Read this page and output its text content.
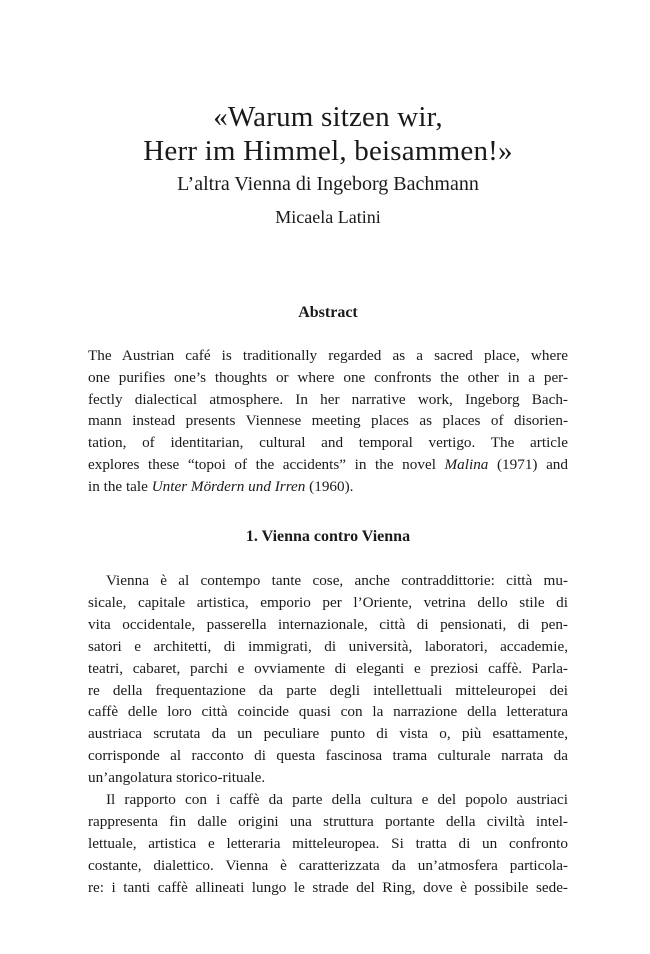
«Warum sitzen wir,
Herr im Himmel, beisammen!»
L’altra Vienna di Ingeborg Bachmann
Micaela Latini
Abstract
The Austrian café is traditionally regarded as a sacred place, where
one purifies one’s thoughts or where one confronts the other in a per-
fectly dialectical atmosphere. In her narrative work, Ingeborg Bach-
mann instead presents Viennese meeting places as places of disorien-
tation, of identitarian, cultural and temporal vertigo. The article
explores these “topoi of the accidents” in the novel Malina (1971) and
in the tale Unter Mördern und Irren (1960).
1. Vienna contro Vienna
Vienna è al contempo tante cose, anche contraddittorie: città mu-
sicale, capitale artistica, emporio per l’Oriente, vetrina dello stile di
vita occidentale, passerella internazionale, città di pensionati, di pen-
satori e architetti, di immigrati, di università, laboratori, accademie,
teatri, cabaret, parchi e ovviamente di eleganti e preziosi caffè. Parla-
re della frequentazione da parte degli intellettuali mitteleuropei dei
caffè delle loro città coincide quasi con la narrazione della letteratura
austriaca scrutata da un peculiare punto di vista o, più esattamente,
corrisponde al racconto di questa fascinosa trama culturale narrata da
un’angolatura storico-rituale.
Il rapporto con i caffè da parte della cultura e del popolo austriaci
rappresenta fin dalle origini una struttura portante della civiltà intel-
lettuale, artistica e letteraria mitteleuropea. Si tratta di un confronto
costante, dialettico. Vienna è caratterizzata da un’atmosfera particola-
re: i tanti caffè allineati lungo le strade del Ring, dove è possibile sede-
